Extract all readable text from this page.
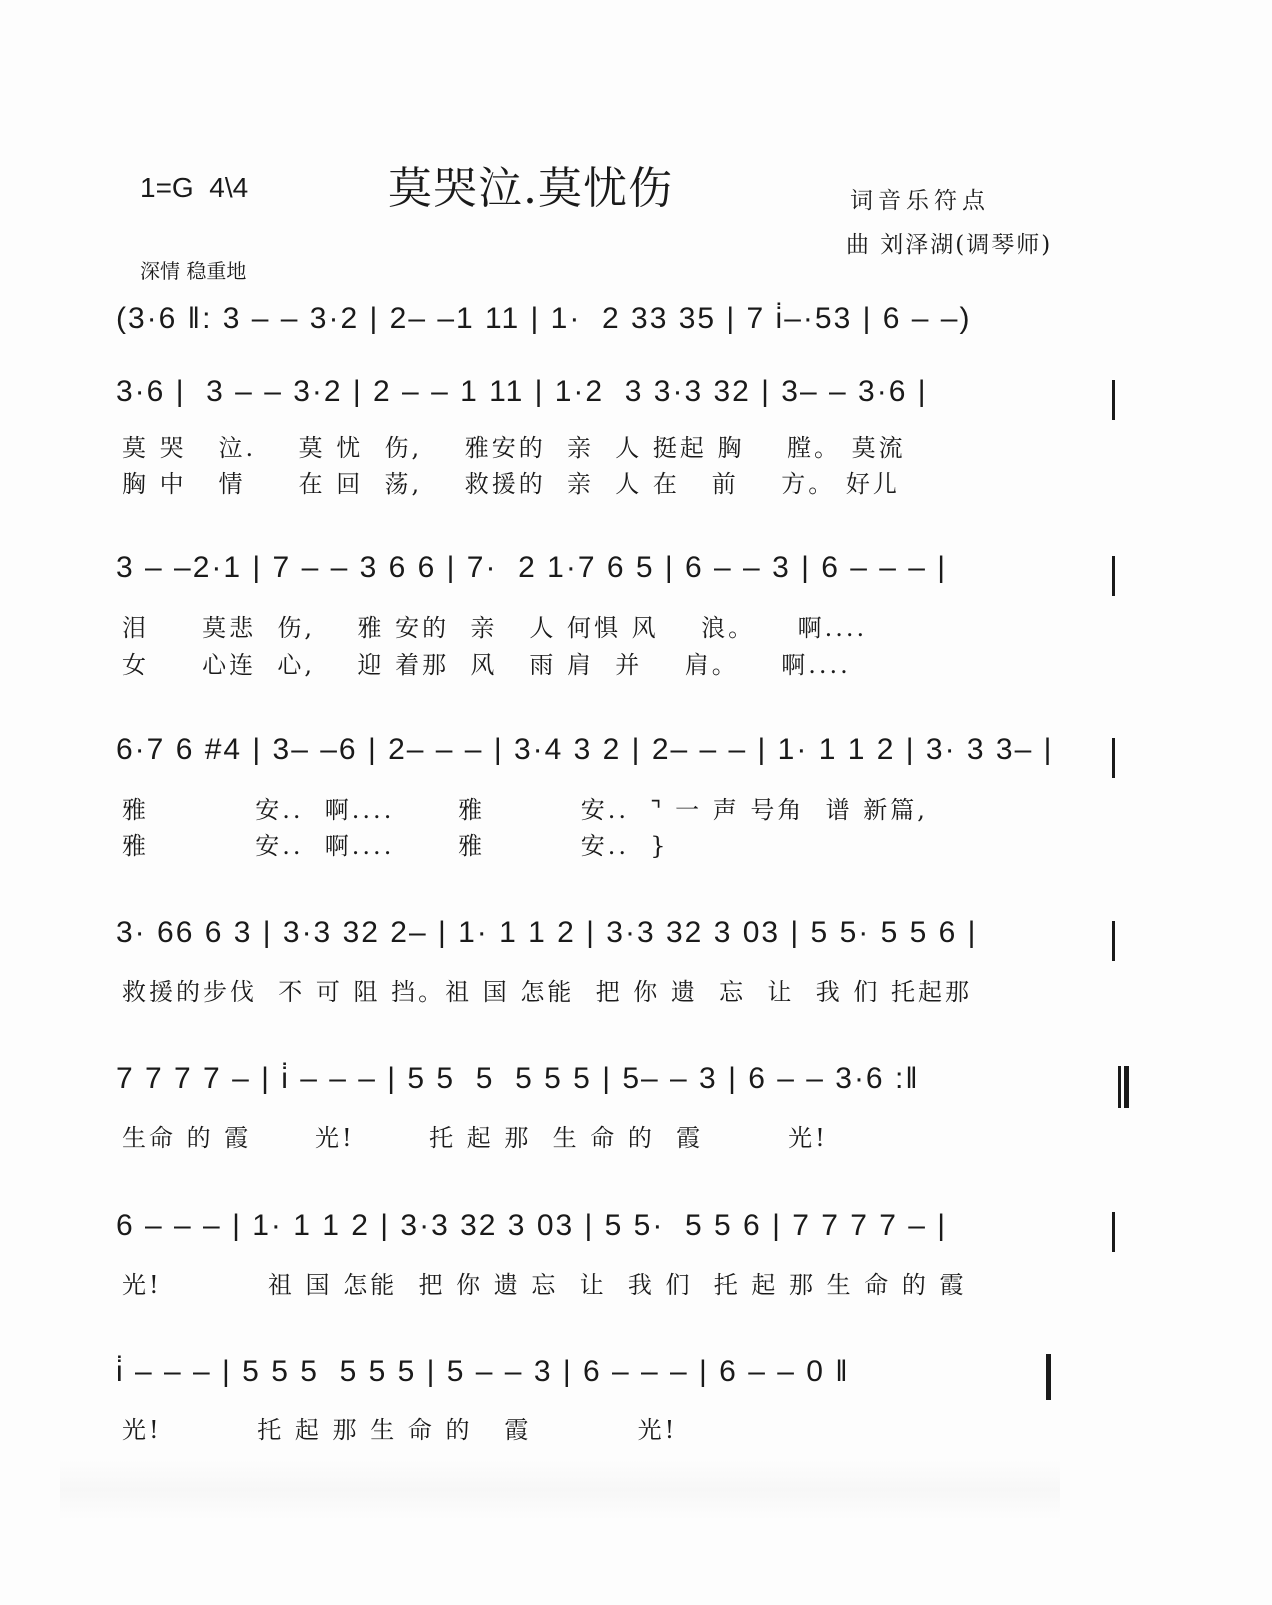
1=G  4\4	莫哭泣.莫忧伤	词音乐符点
曲 刘泽湖(调琴师)
深情 稳重地
(3·6 ‖: 3 – – 3·2 | 2– –1 11 | 1·  2 33 35 | 7 i̇–·53 | 6 – –)
3·6 |  3 – – 3·2 | 2 – – 1 11 | 1·2  3 3·3 32 | 3– – 3·6 |
莫 哭   泣.    莫 忧  伤,    雅安的  亲  人 挺起 胸    膛。 莫流
胸 中   情     在 回  荡,    救援的  亲  人 在   前    方。 好儿
3 – –2·1 | 7 – – 3 6 6 | 7·  2 1·7 6 5 | 6 – – 3 | 6 – – – |
泪     莫悲  伤,    雅 安的  亲   人 何惧 风    浪。    啊....
女     心连  心,    迎 着那  风   雨 肩  并    肩。    啊....
6·7 6 #4 | 3– –6 | 2– – – | 3·4 3 2 | 2– – – | 1· 1 1 2 | 3· 3 3– |
雅          安..  啊....      雅         安..  ⌝ 一 声 号角  谱 新篇,
雅          安..  啊....      雅         安..  }
3· 66 6 3 | 3·3 32 2– | 1· 1 1 2 | 3·3 32 3 03 | 5 5· 5 5 6 |
救援的步伐  不 可 阻 挡。祖 国 怎能  把 你 遗  忘  让  我 们 托起那
7 7 7 7 – | i̇ – – – | 5 5  5  5 5 5 | 5– – 3 | 6 – – 3·6 :‖
生命 的 霞      光!       托 起 那  生 命 的  霞        光!
6 – – – | 1· 1 1 2 | 3·3 32 3 03 | 5 5·  5 5 6 | 7 7 7 7 – |
光!          祖 国 怎能  把 你 遗 忘  让  我 们  托 起 那 生 命 的 霞
i̇ – – – | 5 5 5  5 5 5 | 5 – – 3 | 6 – – – | 6 – – 0 ‖
光!         托 起 那 生 命 的   霞          光!
